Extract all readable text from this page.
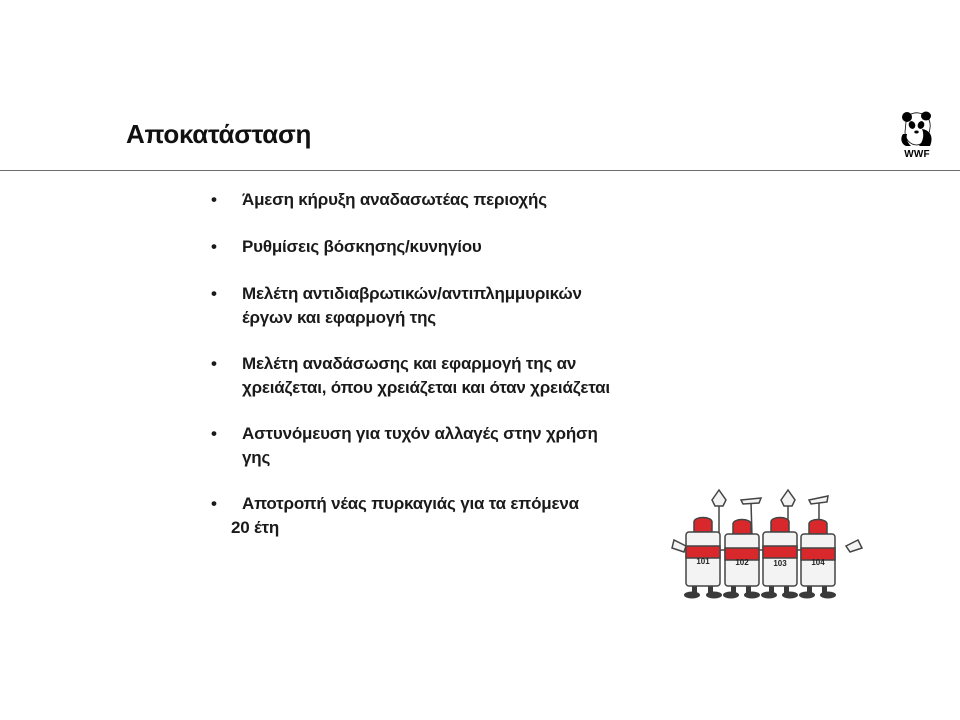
Αποκατάσταση
WWF
• Άμεση κήρυξη αναδασωτέας περιοχής
• Ρυθμίσεις βόσκησης/κυνηγίου
• Μελέτη αντιδιαβρωτικών/αντιπλημμυρικών
έργων και εφαρμογή της
• Μελέτη αναδάσωσης και εφαρμογή της αν
χρειάζεται, όπου χρειάζεται και όταν χρειάζεται
• Αστυνόμευση για τυχόν αλλαγές στην χρήση
γης
• Αποτροπή νέας πυρκαγιάς για τα επόμενα
20 έτη
101	102	103	104
